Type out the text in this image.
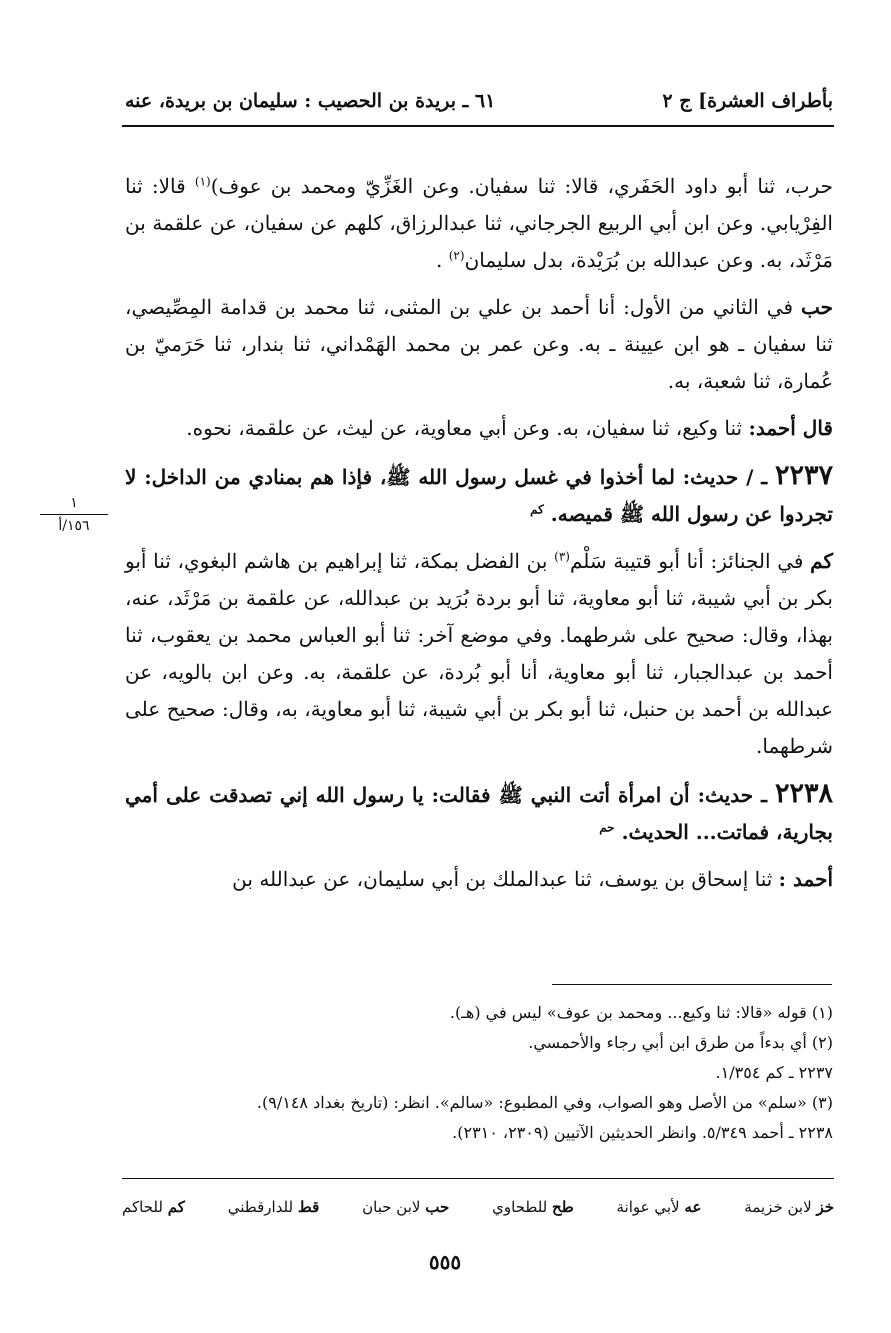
بأطراف العشرة] ج ٢
٦١ ـ بريدة بن الحصيب : سليمان بن بريدة، عنه
١
١٥٦/أ

حرب، ثنا أبو داود الحَفَري، قالا: ثنا سفيان. وعن الغَزِّيّ ومحمد بن عوف)$^{(١)}$ قالا: ثنا الفِرْيابي. وعن ابن أبي الربيع الجرجاني، ثنا عبدالرزاق، كلهم عن سفيان، عن علقمة بن مَرْثَد، به. وعن عبدالله بن بُرَيْدة، بدل سليمان$^{(٢)}$ .

حب في الثاني من الأول: أنا أحمد بن علي بن المثنى، ثنا محمد بن قدامة المِصِّيصي، ثنا سفيان ـ هو ابن عيينة ـ به. وعن عمر بن محمد الهَمْداني، ثنا بندار، ثنا حَرَميّ بن عُمارة، ثنا شعبة، به.

قال أحمد: ثنا وكيع، ثنا سفيان، به. وعن أبي معاوية، عن ليث، عن علقمة، نحوه.

٢٢٣٧ ـ / حديث: لما أخذوا في غسل رسول الله ﷺ، فإذا هم بمنادي من الداخل: لا تجردوا عن رسول الله ﷺ قميصه. $^{كم}$

كم في الجنائز: أنا أبو قتيبة سَلْم$^{(٣)}$ بن الفضل بمكة، ثنا إبراهيم بن هاشم البغوي، ثنا أبو بكر بن أبي شيبة، ثنا أبو معاوية، ثنا أبو بردة بُرَيد بن عبدالله، عن علقمة بن مَرْثَد، عنه، بهذا، وقال: صحيح على شرطهما. وفي موضع آخر: ثنا أبو العباس محمد بن يعقوب، ثنا أحمد بن عبدالجبار، ثنا أبو معاوية، أنا أبو بُردة، عن علقمة، به. وعن ابن بالويه، عن عبدالله بن أحمد بن حنبل، ثنا أبو بكر بن أبي شيبة، ثنا أبو معاوية، به، وقال: صحيح على شرطهما.

٢٢٣٨ ـ حديث: أن امرأة أتت النبي ﷺ فقالت: يا رسول الله إني تصدقت على أمي بجارية، فماتت... الحديث. $^{حم}$

أحمد : ثنا إسحاق بن يوسف، ثنا عبدالملك بن أبي سليمان، عن عبدالله بن

(١) قوله «قالا: ثنا وكيع... ومحمد بن عوف» ليس في (هـ).
(٢) أي بدءاً من طرق ابن أبي رجاء والأحمسي.
٢٢٣٧ ـ كم ١/٣٥٤.
(٣) «سلم» من الأصل وهو الصواب، وفي المطبوع: «سالم». انظر: (تاريخ بغداد ٩/١٤٨).
٢٢٣٨ ـ أحمد ٥/٣٤٩. وانظر الحديثين الآتيين (٢٣٠٩، ٢٣١٠).
خز لابن خزيمة
عه لأبي عوانة
طح للطحاوي
حب لابن حبان
قط للدارقطني
كم للحاكم
٥٥٥
